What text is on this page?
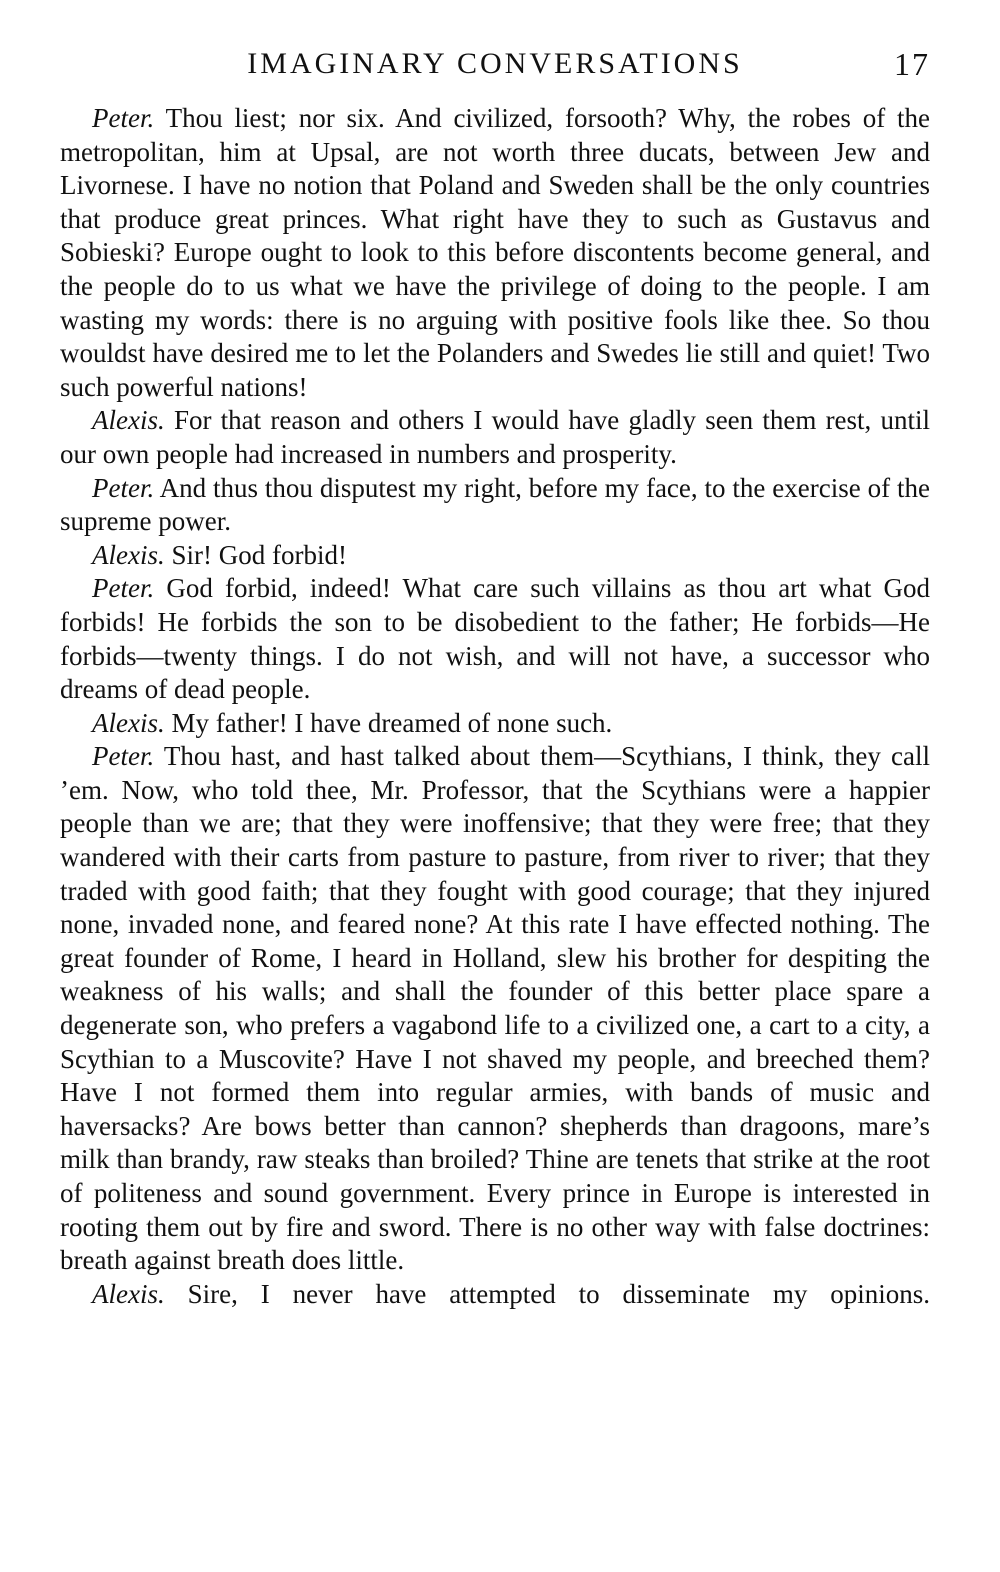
IMAGINARY CONVERSATIONS	17

Peter. Thou liest; nor six. And civilized, forsooth? Why, the robes of the metropolitan, him at Upsal, are not worth three ducats, between Jew and Livornese. I have no notion that Poland and Sweden shall be the only countries that produce great princes. What right have they to such as Gustavus and Sobieski? Europe ought to look to this before discontents become general, and the people do to us what we have the privilege of doing to the people. I am wasting my words: there is no arguing with positive fools like thee. So thou wouldst have desired me to let the Polanders and Swedes lie still and quiet! Two such powerful nations!

Alexis. For that reason and others I would have gladly seen them rest, until our own people had increased in numbers and prosperity.

Peter. And thus thou disputest my right, before my face, to the exercise of the supreme power.

Alexis. Sir! God forbid!

Peter. God forbid, indeed! What care such villains as thou art what God forbids! He forbids the son to be disobedient to the father; He forbids—He forbids—twenty things. I do not wish, and will not have, a successor who dreams of dead people.

Alexis. My father! I have dreamed of none such.

Peter. Thou hast, and hast talked about them—Scythians, I think, they call ’em. Now, who told thee, Mr. Professor, that the Scythians were a happier people than we are; that they were inoffensive; that they were free; that they wandered with their carts from pasture to pasture, from river to river; that they traded with good faith; that they fought with good courage; that they injured none, invaded none, and feared none? At this rate I have effected nothing. The great founder of Rome, I heard in Holland, slew his brother for despiting the weakness of his walls; and shall the founder of this better place spare a degenerate son, who prefers a vagabond life to a civilized one, a cart to a city, a Scythian to a Muscovite? Have I not shaved my people, and breeched them? Have I not formed them into regular armies, with bands of music and haversacks? Are bows better than cannon? shepherds than dragoons, mare’s milk than brandy, raw steaks than broiled? Thine are tenets that strike at the root of politeness and sound government. Every prince in Europe is interested in rooting them out by fire and sword. There is no other way with false doctrines: breath against breath does little.

Alexis. Sire, I never have attempted to disseminate my opinions.
